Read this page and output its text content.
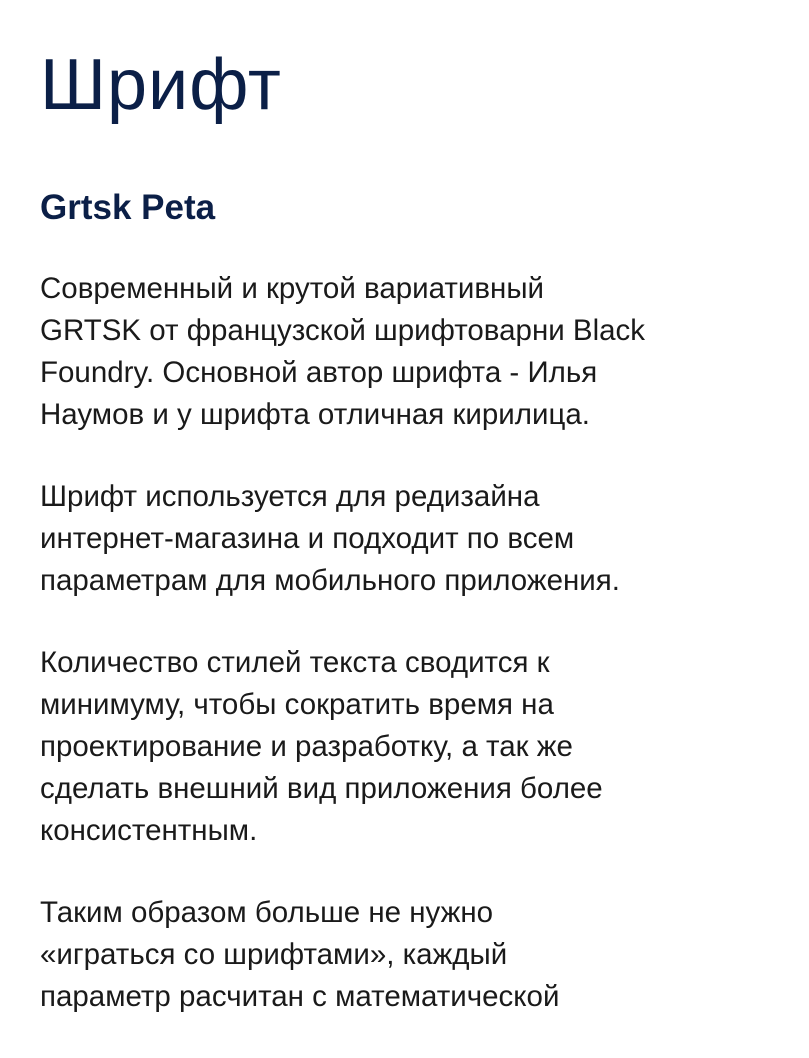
Шрифт
Grtsk Peta

Современный и крутой вариативный
GRTSK от французской шрифтоварни Black
Foundry. Основной автор шрифта - Илья
Наумов и у шрифта отличная кирилица.

Шрифт используется для редизайна
интернет-магазина и подходит по всем
параметрам для мобильного приложения.

Количество стилей текста сводится к
минимуму, чтобы сократить время на
проектирование и разработку, а так же
сделать внешний вид приложения более
консистентным.

Таким образом больше не нужно
«играться со шрифтами», каждый
параметр расчитан с математической
